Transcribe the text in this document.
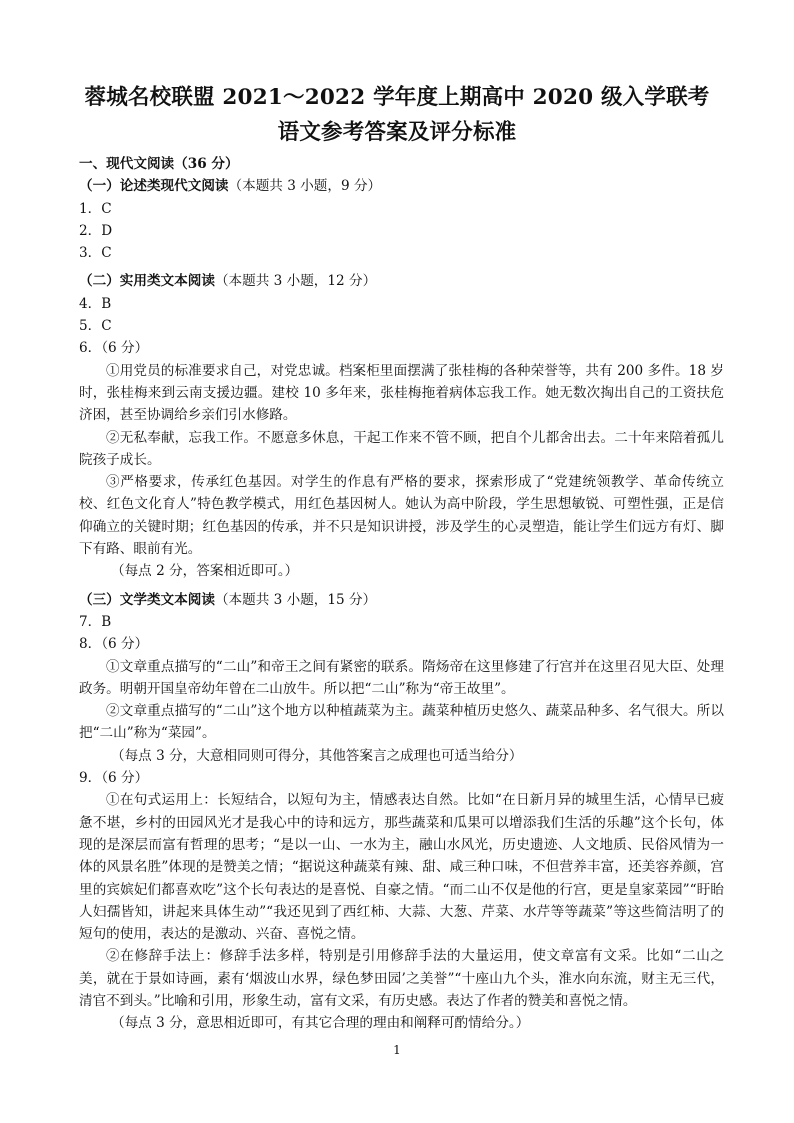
蓉城名校联盟 2021～2022 学年度上期高中 2020 级入学联考
语文参考答案及评分标准
一、现代文阅读（36 分）
（一）论述类现代文阅读（本题共 3 小题，9 分）
1．C
2．D
3．C
（二）实用类文本阅读（本题共 3 小题，12 分）
4．B
5．C
6．（6 分）
①用党员的标准要求自己，对党忠诚。档案柜里面摆满了张桂梅的各种荣誉等，共有 200 多件。18 岁时，张桂梅来到云南支援边疆。建校 10 多年来，张桂梅拖着病体忘我工作。她无数次掏出自己的工资扶危济困，甚至协调给乡亲们引水修路。
②无私奉献，忘我工作。不愿意多休息，干起工作来不管不顾，把自个儿都舍出去。二十年来陪着孤儿院孩子成长。
③严格要求，传承红色基因。对学生的作息有严格的要求，探索形成了“党建统领教学、革命传统立校、红色文化育人”特色教学模式，用红色基因树人。她认为高中阶段，学生思想敏锐、可塑性强，正是信仰确立的关键时期；红色基因的传承，并不只是知识讲授，涉及学生的心灵塑造，能让学生们远方有灯、脚下有路、眼前有光。
（每点 2 分，答案相近即可。）
（三）文学类文本阅读（本题共 3 小题，15 分）
7．B
8．（6 分）
①文章重点描写的“二山”和帝王之间有紧密的联系。隋炀帝在这里修建了行宫并在这里召见大臣、处理政务。明朝开国皇帝幼年曾在二山放牛。所以把“二山”称为“帝王故里”。
②文章重点描写的“二山”这个地方以种植蔬菜为主。蔬菜种植历史悠久、蔬菜品种多、名气很大。所以把“二山”称为“菜园”。
（每点 3 分，大意相同则可得分，其他答案言之成理也可适当给分）
9．（6 分）
①在句式运用上：长短结合，以短句为主，情感表达自然。比如“在日新月异的城里生活，心情早已疲惫不堪，乡村的田园风光才是我心中的诗和远方，那些蔬菜和瓜果可以增添我们生活的乐趣”这个长句，体现的是深层而富有哲理的思考；“是以一山、一水为主，融山水风光，历史遗迹、人文地质、民俗风情为一体的风景名胜”体现的是赞美之情；“据说这种蔬菜有辣、甜、咸三种口味，不但营养丰富，还美容养颜，宫里的宾嫔妃们都喜欢吃”这个长句表达的是喜悦、自豪之情。“而二山不仅是他的行宫，更是皇家菜园”“盱眙人妇孺皆知，讲起来具体生动”“我还见到了西红柿、大蒜、大葱、芹菜、水芹等等蔬菜”等这些简洁明了的短句的使用，表达的是激动、兴奋、喜悦之情。
②在修辞手法上：修辞手法多样，特别是引用修辞手法的大量运用，使文章富有文采。比如“二山之美，就在于景如诗画，素有‘烟波山水界，绿色梦田园’之美誉”“十座山九个头，淮水向东流，财主无三代，清官不到头。”比喻和引用，形象生动，富有文采，有历史感。表达了作者的赞美和喜悦之情。
（每点 3 分，意思相近即可，有其它合理的理由和阐释可酌情给分。）
1
